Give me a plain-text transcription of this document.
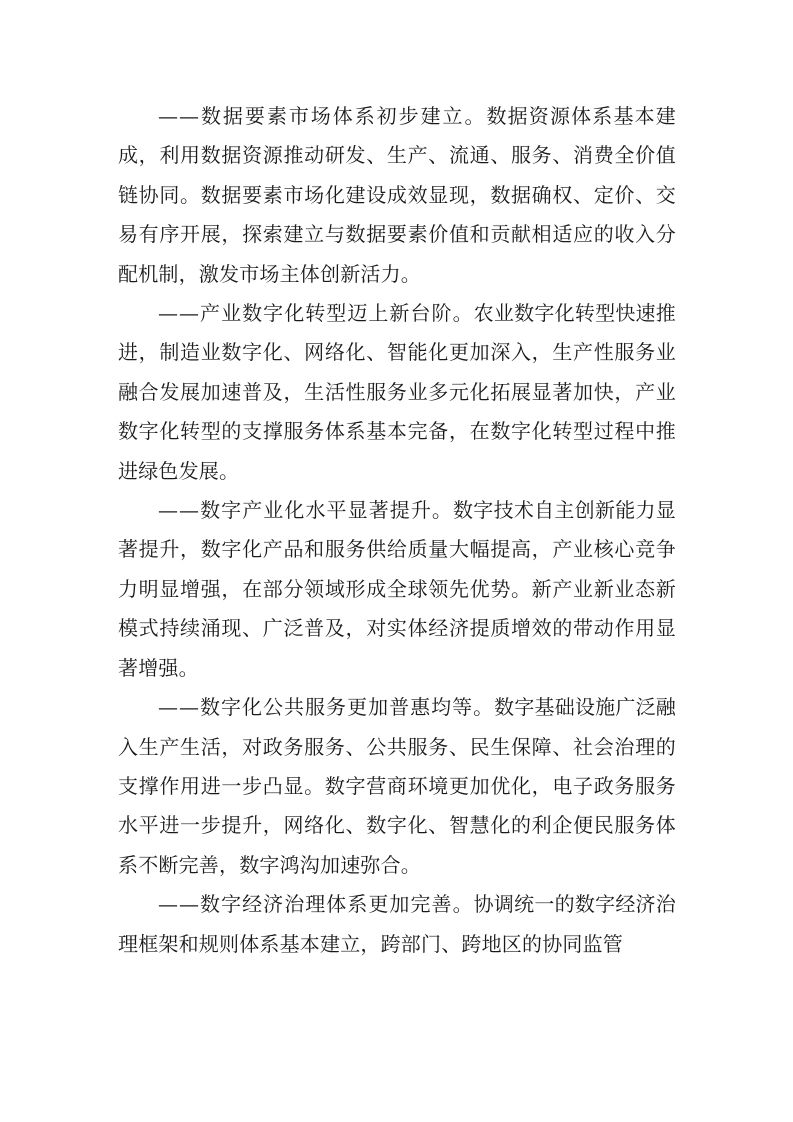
——数据要素市场体系初步建立。数据资源体系基本建成，利用数据资源推动研发、生产、流通、服务、消费全价值链协同。数据要素市场化建设成效显现，数据确权、定价、交易有序开展，探索建立与数据要素价值和贡献相适应的收入分配机制，激发市场主体创新活力。

——产业数字化转型迈上新台阶。农业数字化转型快速推进，制造业数字化、网络化、智能化更加深入，生产性服务业融合发展加速普及，生活性服务业多元化拓展显著加快，产业数字化转型的支撑服务体系基本完备，在数字化转型过程中推进绿色发展。

——数字产业化水平显著提升。数字技术自主创新能力显著提升，数字化产品和服务供给质量大幅提高，产业核心竞争力明显增强，在部分领域形成全球领先优势。新产业新业态新模式持续涌现、广泛普及，对实体经济提质增效的带动作用显著增强。

——数字化公共服务更加普惠均等。数字基础设施广泛融入生产生活，对政务服务、公共服务、民生保障、社会治理的支撑作用进一步凸显。数字营商环境更加优化，电子政务服务水平进一步提升，网络化、数字化、智慧化的利企便民服务体系不断完善，数字鸿沟加速弥合。

——数字经济治理体系更加完善。协调统一的数字经济治理框架和规则体系基本建立，跨部门、跨地区的协同监管
